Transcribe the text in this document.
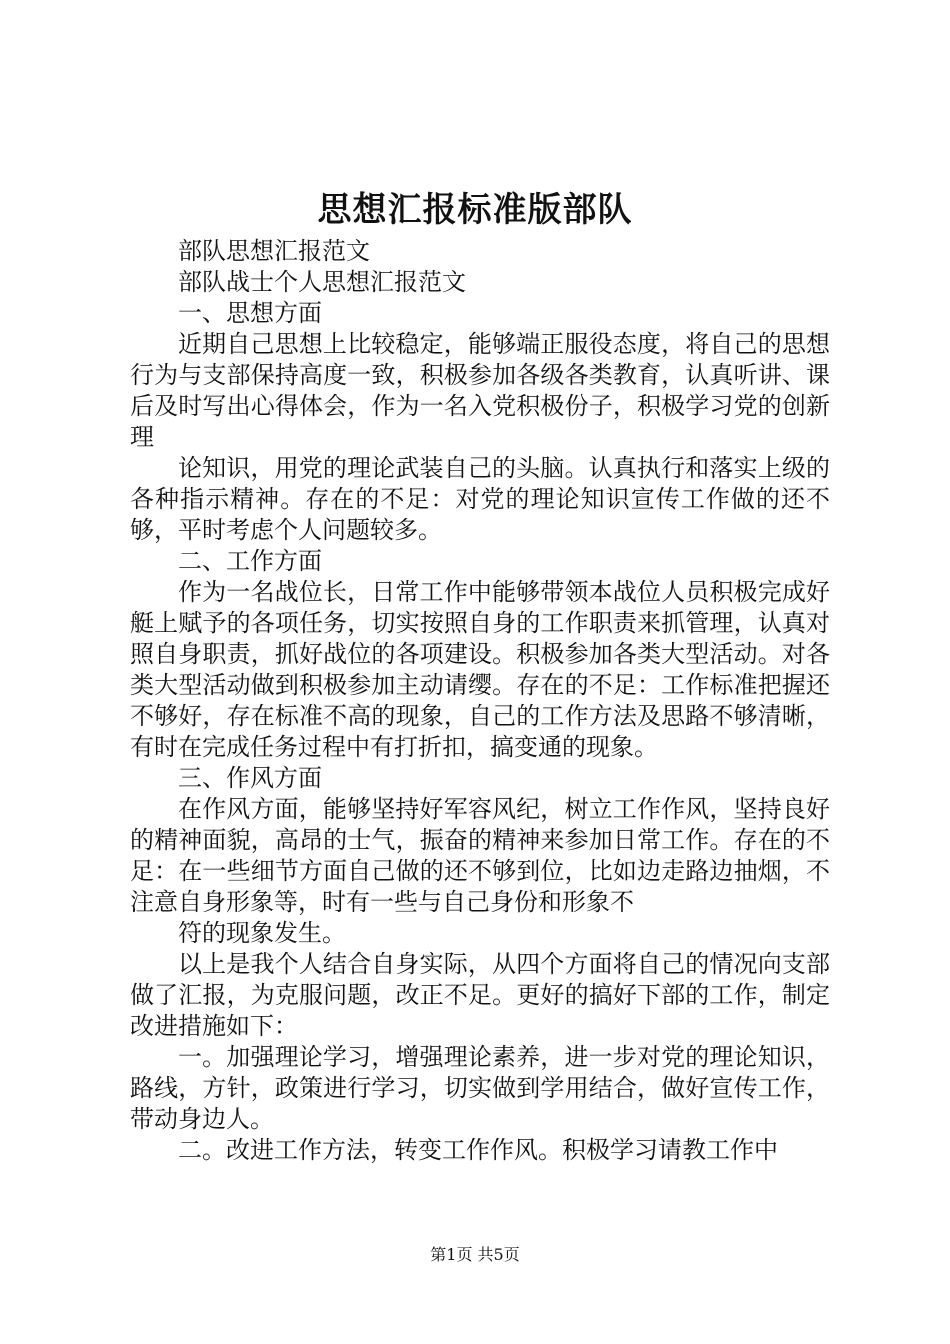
思想汇报标准版部队

部队思想汇报范文

部队战士个人思想汇报范文

一、思想方面

近期自己思想上比较稳定，能够端正服役态度，将自己的思想行为与支部保持高度一致，积极参加各级各类教育，认真听讲、课后及时写出心得体会，作为一名入党积极份子，积极学习党的创新理

论知识，用党的理论武装自己的头脑。认真执行和落实上级的各种指示精神。存在的不足：对党的理论知识宣传工作做的还不够，平时考虑个人问题较多。

二、工作方面

作为一名战位长，日常工作中能够带领本战位人员积极完成好艇上赋予的各项任务，切实按照自身的工作职责来抓管理，认真对照自身职责，抓好战位的各项建设。积极参加各类大型活动。对各类大型活动做到积极参加主动请缨。存在的不足：工作标准把握还不够好，存在标准不高的现象，自己的工作方法及思路不够清晰，有时在完成任务过程中有打折扣，搞变通的现象。

三、作风方面

在作风方面，能够坚持好军容风纪，树立工作作风，坚持良好的精神面貌，高昂的士气，振奋的精神来参加日常工作。存在的不足：在一些细节方面自己做的还不够到位，比如边走路边抽烟，不注意自身形象等，时有一些与自己身份和形象不

符的现象发生。

以上是我个人结合自身实际，从四个方面将自己的情况向支部做了汇报，为克服问题，改正不足。更好的搞好下部的工作，制定改进措施如下：

一。加强理论学习，增强理论素养，进一步对党的理论知识，路线，方针，政策进行学习，切实做到学用结合，做好宣传工作，带动身边人。

二。改进工作方法，转变工作作风。积极学习请教工作中

第1页 共5页
